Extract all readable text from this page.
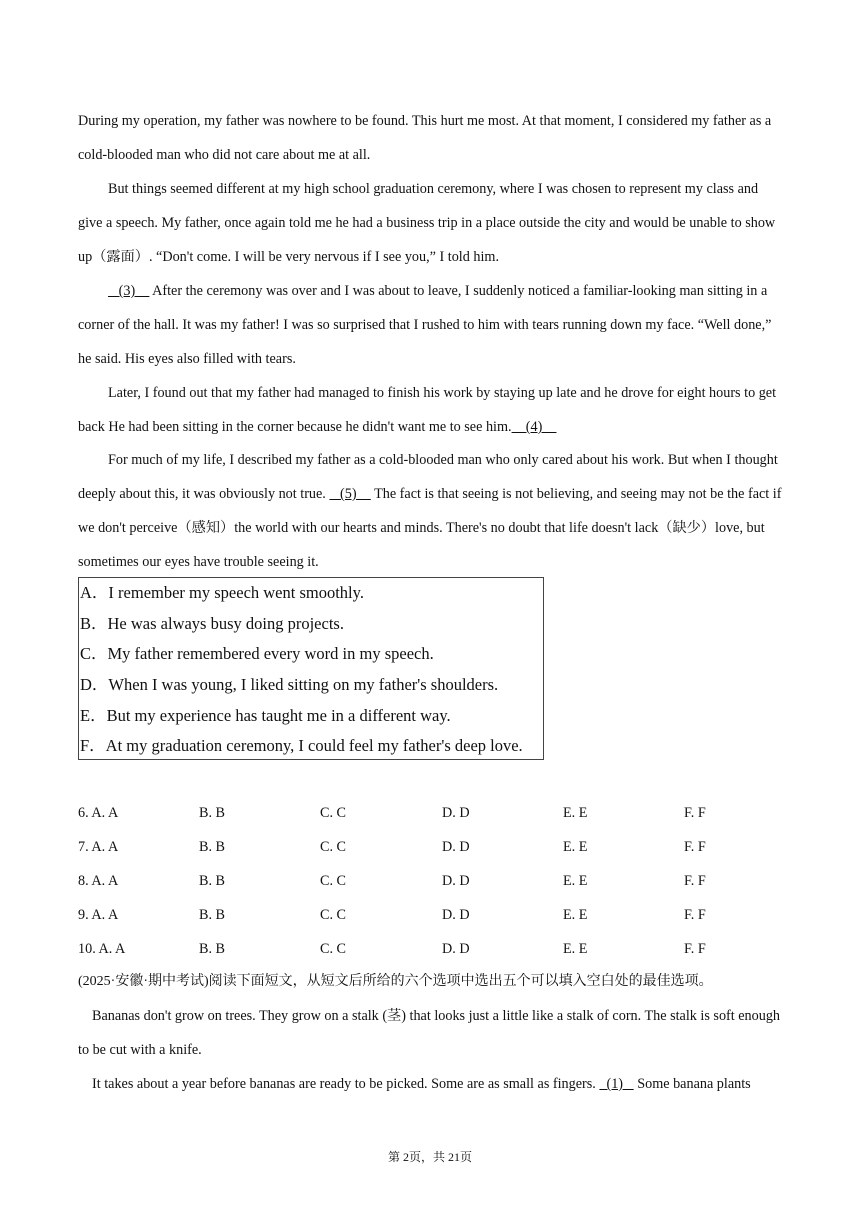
During my operation, my father was nowhere to be found. This hurt me most. At that moment, I considered my father as a cold-blooded man who did not care about me at all.

But things seemed different at my high school graduation ceremony, where I was chosen to represent my class and give a speech. My father, once again told me he had a business trip in a place outside the city and would be unable to show up（露面）. “Don't come. I will be very nervous if I see you,” I told him.

(3)     After the ceremony was over and I was about to leave, I suddenly noticed a familiar-looking man sitting in a corner of the hall. It was my father! I was so surprised that I rushed to him with tears running down my face. “Well done,” he said. His eyes also filled with tears.

Later, I found out that my father had managed to finish his work by staying up late and he drove for eight hours to get back He had been sitting in the corner because he didn't want me to see him.    (4)

For much of my life, I described my father as a cold-blooded man who only cared about his work. But when I thought deeply about this, it was obviously not true.    (5)     The fact is that seeing is not believing, and seeing may not be the fact if we don't perceive（感知）the world with our hearts and minds. There's no doubt that life doesn't lack（缺少）love, but sometimes our eyes have trouble seeing it.

A．I remember my speech went smoothly.
B．He was always busy doing projects.
C．My father remembered every word in my speech.
D．When I was young, I liked sitting on my father's shoulders.
E．But my experience has taught me in a different way.
F．At my graduation ceremony, I could feel my father's deep love.
6. A. A	B. B	C. C	D. D	E. E	F. F
7. A. A	B. B	C. C	D. D	E. E	F. F
8. A. A	B. B	C. C	D. D	E. E	F. F
9. A. A	B. B	C. C	D. D	E. E	F. F
10. A. A	B. B	C. C	D. D	E. E	F. F

(2025·安徽·期中考试)阅读下面短文，从短文后所给的六个选项中选出五个可以填入空白处的最佳选项。

Bananas don't grow on trees. They grow on a stalk (茎) that looks just a little like a stalk of corn. The stalk is soft enough to be cut with a knife.

It takes about a year before bananas are ready to be picked. Some are as small as fingers.   (1)    Some banana plants

第 2页，共 21页
